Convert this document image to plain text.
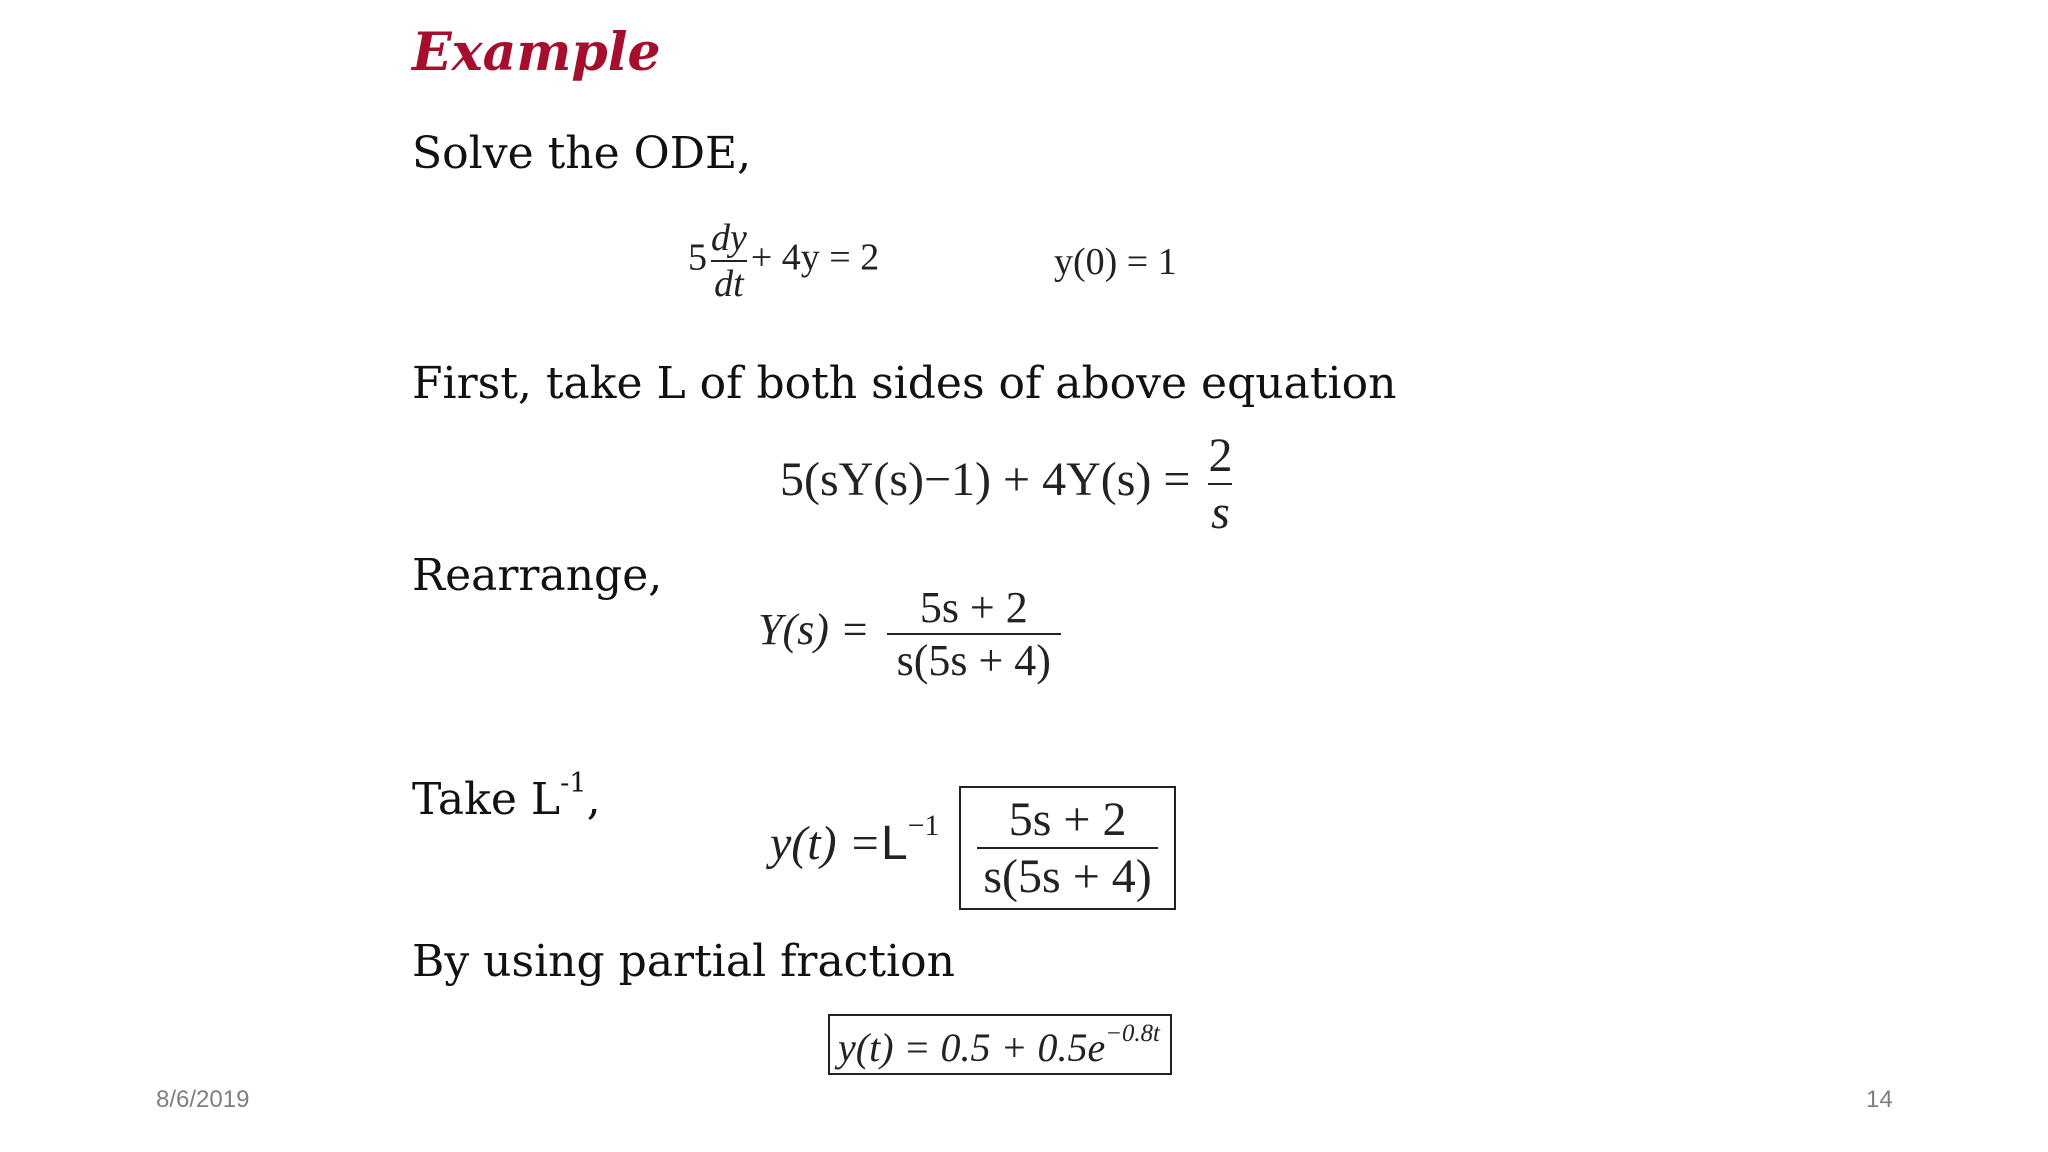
Example
Solve the ODE,
$5 \frac{dy}{dt} + 4y = 2$	y(0) = 1
First, take L of both sides of above equation
$5(sY(s)-1) + 4Y(s) = \frac{2}{s}$
Rearrange,
$Y(s) = \frac{5s + 2}{s(5s + 4)}$
Take $L^{-1}$,
$y(t) =L^{-1} \frac{5s + 2}{s(5s + 4)}$
By using partial fraction
$y(t) = 0.5 + 0.5e^{-0.8t}$
8/6/2019	14
